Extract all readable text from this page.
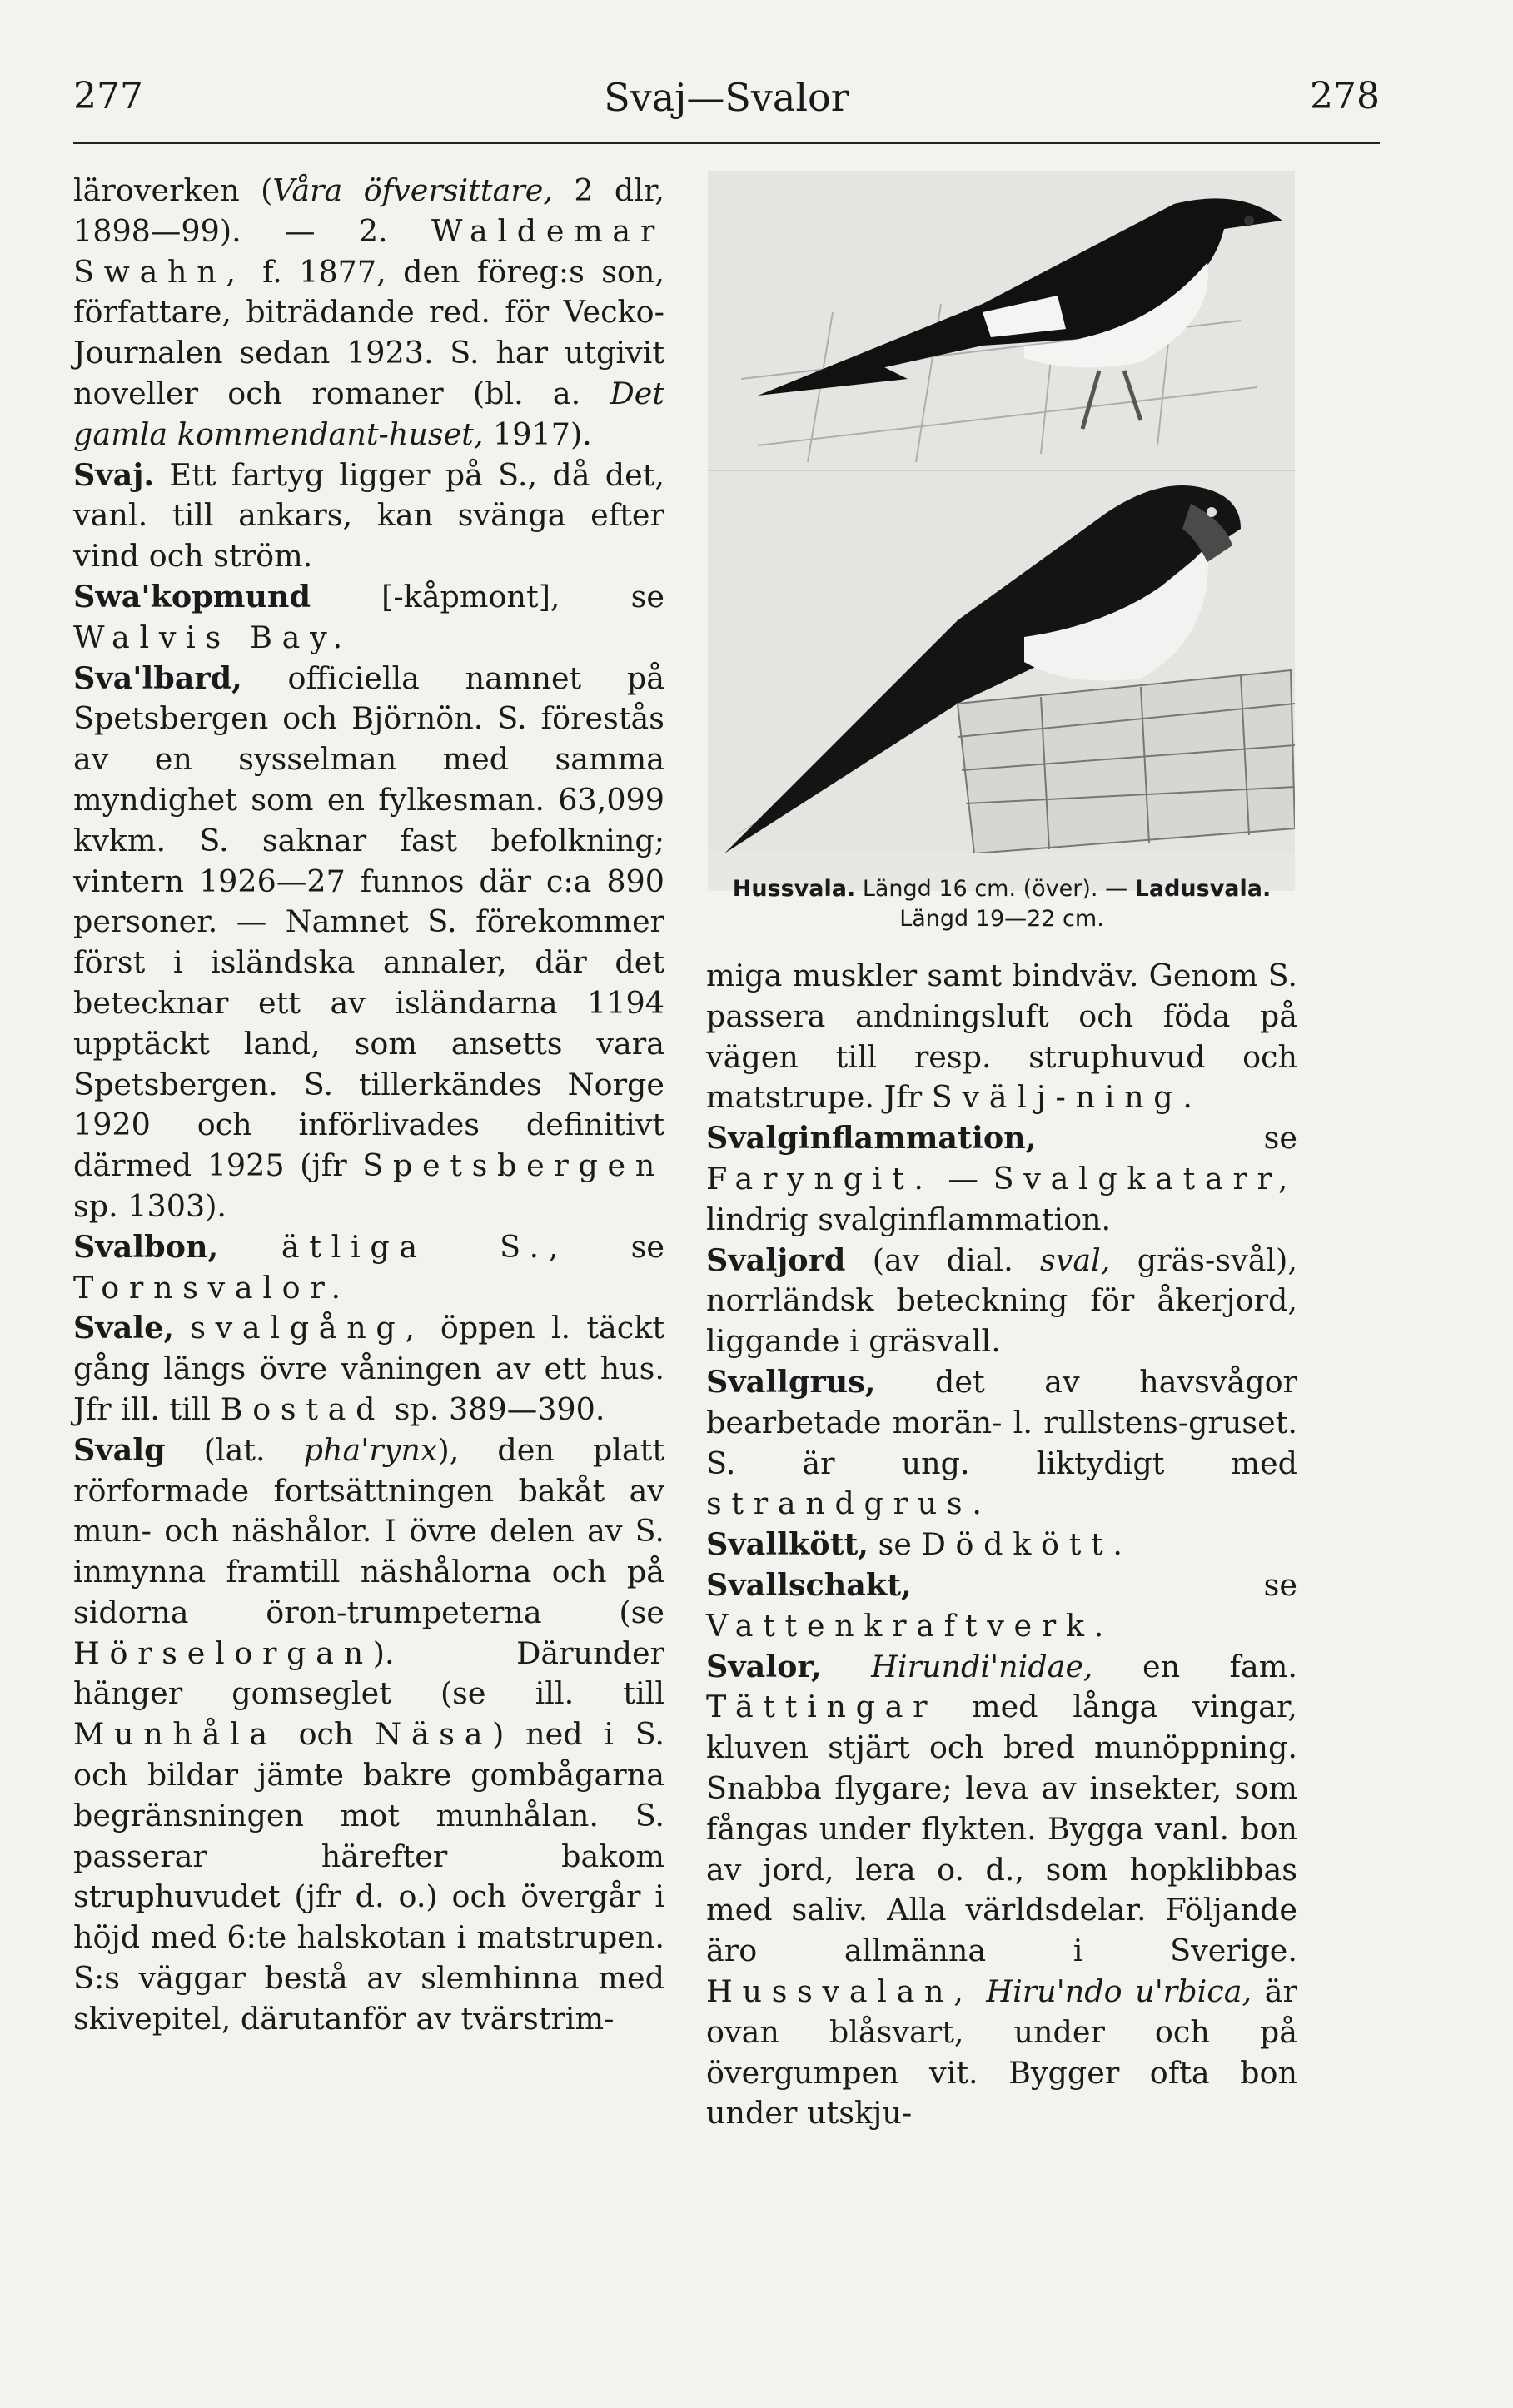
277	Svaj—Svalor	278

läroverken (Våra öfversittare, 2 dlr, 1898—99). — 2. Waldemar Swahn, f. 1877, den föreg:s son, författare, biträdande red. för Vecko-Journalen sedan 1923. S. har utgivit noveller och romaner (bl. a. Det gamla kommendant-huset, 1917).

Svaj. Ett fartyg ligger på S., då det, vanl. till ankars, kan svänga efter vind och ström.

Swa'kopmund [-kåpmont], se Walvis Bay.

Sva'lbard, officiella namnet på Spetsbergen och Björnön. S. förestås av en sysselman med samma myndighet som en fylkesman. 63,099 kvkm. S. saknar fast befolkning; vintern 1926—27 funnos där c:a 890 personer. — Namnet S. förekommer först i isländska annaler, där det betecknar ett av isländarna 1194 upptäckt land, som ansetts vara Spetsbergen. S. tillerkändes Norge 1920 och införlivades definitivt därmed 1925 (jfr Spetsbergen sp. 1303).

Svalbon, ätliga S., se Tornsvalor.

Svale, svalgång, öppen l. täckt gång längs övre våningen av ett hus. Jfr ill. till Bostad sp. 389—390.

Svalg (lat. pha'rynx), den platt rörformade fortsättningen bakåt av mun- och näshålor. I övre delen av S. inmynna framtill näshålorna och på sidorna öron-trumpeterna (se Hörselorgan). Därunder hänger gomseglet (se ill. till Munhåla och Näsa) ned i S. och bildar jämte bakre gombågarna begränsningen mot munhålan. S. passerar härefter bakom struphuvudet (jfr d. o.) och övergår i höjd med 6:te halskotan i matstrupen. S:s väggar bestå av slemhinna med skivepitel, därutanför av tvärstrim-

Hussvala. Längd 16 cm. (över). — Ladusvala. Längd 19—22 cm.

miga muskler samt bindväv. Genom S. passera andningsluft och föda på vägen till resp. struphuvud och matstrupe. Jfr Svälj-ning.

Svalginflammation, se Faryngit. — Svalgkatarr, lindrig svalginflammation.

Svaljord (av dial. sval, gräs-svål), norrländsk beteckning för åkerjord, liggande i gräsvall.

Svallgrus, det av havsvågor bearbetade morän- l. rullstens-gruset. S. är ung. liktydigt med strandgrus.

Svallkött, se Dödkött.

Svallschakt, se Vattenkraftverk.

Svalor, Hirundi'nidae, en fam. Tättingar med långa vingar, kluven stjärt och bred munöppning. Snabba flygare; leva av insekter, som fångas under flykten. Bygga vanl. bon av jord, lera o. d., som hopklibbas med saliv. Alla världsdelar. Följande äro allmänna i Sverige. Hussvalan, Hiru'ndo u'rbica, är ovan blåsvart, under och på övergumpen vit. Bygger ofta bon under utskju-
